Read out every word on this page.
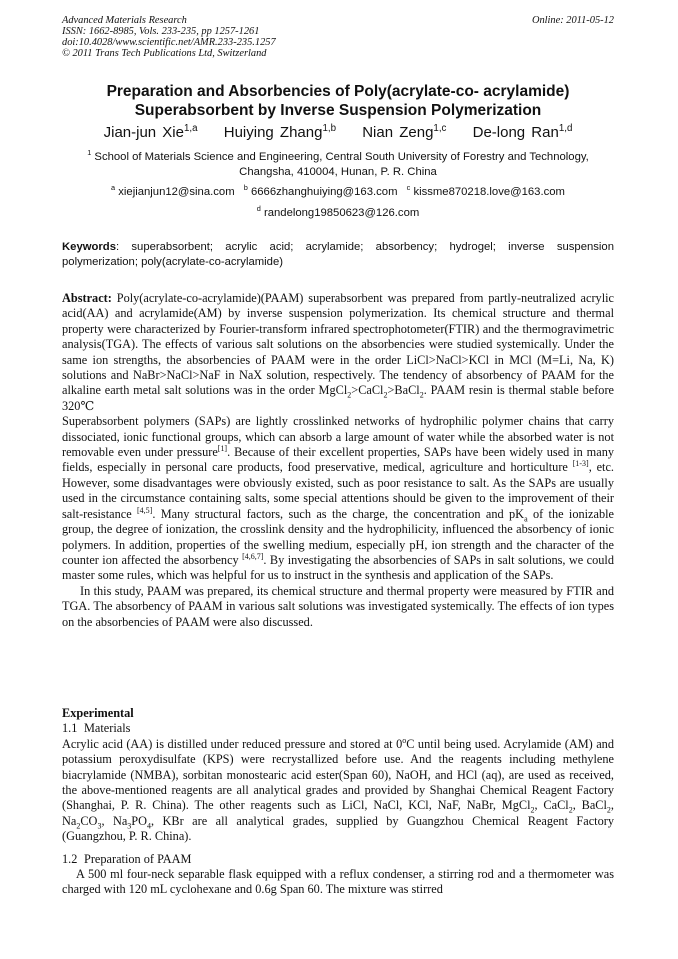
Advanced Materials Research
ISSN: 1662-8985, Vols. 233-235, pp 1257-1261
doi:10.4028/www.scientific.net/AMR.233-235.1257
© 2011 Trans Tech Publications Ltd, Switzerland
Online: 2011-05-12
Preparation and Absorbencies of Poly(acrylate-co- acrylamide)
Superabsorbent by Inverse Suspension Polymerization
Jian-jun Xie$^{1,a}$ Huiying Zhang$^{1,b}$ Nian Zeng$^{1,c}$ De-long Ran$^{1,d}$
$^1$ School of Materials Science and Engineering, Central South University of Forestry and Technology,
Changsha, 410004, Hunan, P. R. China
$^a$ xiejianjun12@sina.com $^b$ 6666zhanghuiying@163.com $^c$ kissme870218.love@163.com
$^d$ randelong19850623@126.com
Keywords: superabsorbent; acrylic acid; acrylamide; absorbency; hydrogel; inverse suspension polymerization; poly(acrylate-co-acrylamide)

Abstract: Poly(acrylate-co-acrylamide)(PAAM) superabsorbent was prepared from partly-neutralized acrylic acid(AA) and acrylamide(AM) by inverse suspension polymerization. Its chemical structure and thermal property were characterized by Fourier-transform infrared spectrophotometer(FTIR) and the thermogravimetric analysis(TGA). The effects of various salt solutions on the absorbencies were studied systemically. Under the same ion strengths, the absorbencies of PAAM were in the order LiCl>NaCl>KCl in MCl (M=Li, Na, K) solutions and NaBr>NaCl>NaF in NaX solution, respectively. The tendency of absorbency of PAAM for the alkaline earth metal salt solutions was in the order MgCl$_2$>CaCl$_2$>BaCl$_2$. PAAM resin is thermal stable before 320℃

Superabsorbent polymers (SAPs) are lightly crosslinked networks of hydrophilic polymer chains that carry dissociated, ionic functional groups, which can absorb a large amount of water while the absorbed water is not removable even under pressure[1]. Because of their excellent properties, SAPs have been widely used in many fields, especially in personal care products, food preservative, medical, agriculture and horticulture [1-3], etc. However, some disadvantages were obviously existed, such as poor resistance to salt. As the SAPs are usually used in the circumstance containing salts, some special attentions should be given to the improvement of their salt-resistance [4,5]. Many structural factors, such as the charge, the concentration and $pK_a$ of the ionizable group, the degree of ionization, the crosslink density and the hydrophilicity, influenced the absorbency of ionic polymers. In addition, properties of the swelling medium, especially pH, ion strength and the character of the counter ion affected the absorbency [4,6,7]. By investigating the absorbencies of SAPs in salt solutions, we could master some rules, which was helpful for us to instruct in the synthesis and application of the SAPs.

In this study, PAAM was prepared, its chemical structure and thermal property were measured by FTIR and TGA. The absorbency of PAAM in various salt solutions was investigated systemically. The effects of ion types on the absorbencies of PAAM were also discussed.

Experimental

1.1 Materials

Acrylic acid (AA) is distilled under reduced pressure and stored at 0$^o$C until being used. Acrylamide (AM) and potassium peroxydisulfate (KPS) were recrystallized before use. And the reagents including methylene biacrylamide (NMBA), sorbitan monostearic acid ester(Span 60), NaOH, and HCl (aq), are used as received, the above-mentioned reagents are all analytical grades and provided by Shanghai Chemical Reagent Factory (Shanghai, P. R. China). The other reagents such as LiCl, NaCl, KCl, NaF, NaBr, MgCl$_2$, CaCl$_2$, BaCl$_2$, $Na_2CO_3$, $Na_3PO_4$, KBr are all analytical grades, supplied by Guangzhou Chemical Reagent Factory (Guangzhou, P. R. China).

1.2 Preparation of PAAM

A 500 ml four-neck separable flask equipped with a reflux condenser, a stirring rod and a thermometer was charged with 120 mL cyclohexane and 0.6g Span 60. The mixture was stirred
